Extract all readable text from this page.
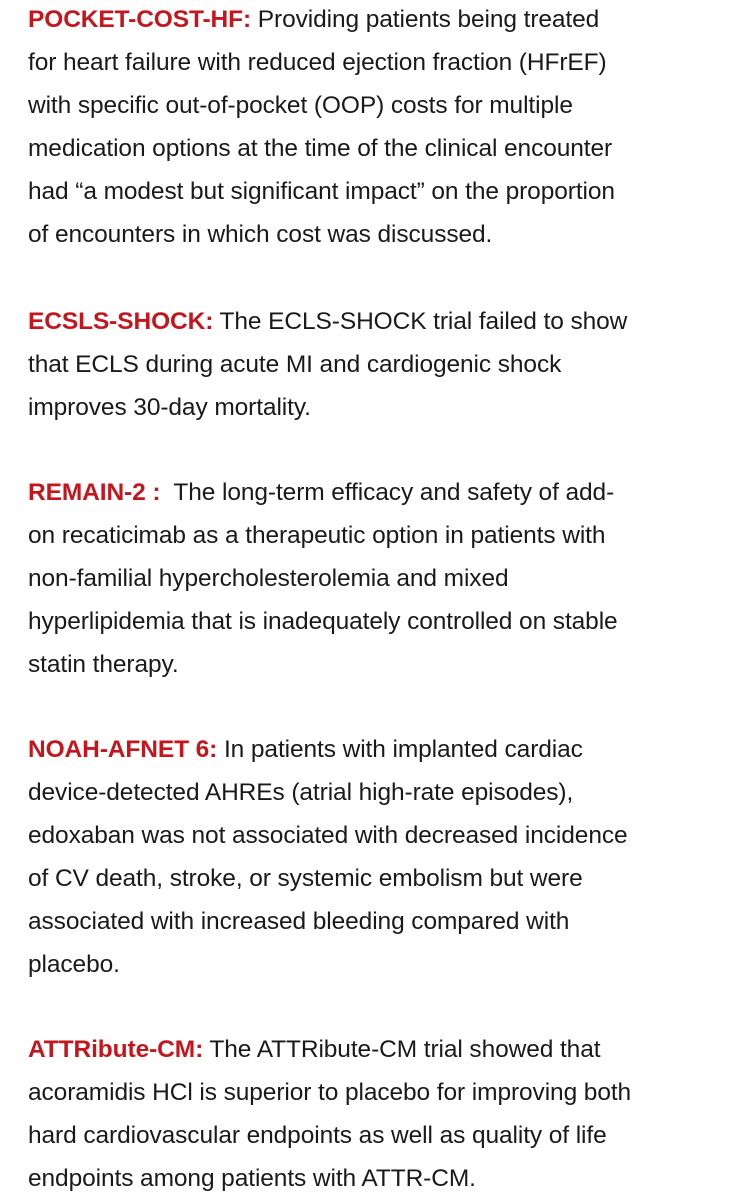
POCKET-COST-HF: Providing patients being treated
for heart failure with reduced ejection fraction (HFrEF)
with specific out-of-pocket (OOP) costs for multiple
medication options at the time of the clinical encounter
had “a modest but significant impact” on the proportion
of encounters in which cost was discussed.

ECSLS-SHOCK: The ECLS-SHOCK trial failed to show
that ECLS during acute MI and cardiogenic shock
improves 30-day mortality.

REMAIN-2 :  The long-term efficacy and safety of add-
on recaticimab as a therapeutic option in patients with
non-familial hypercholesterolemia and mixed
hyperlipidemia that is inadequately controlled on stable
statin therapy.

NOAH-AFNET 6: In patients with implanted cardiac
device-detected AHREs (atrial high-rate episodes),
edoxaban was not associated with decreased incidence
of CV death, stroke, or systemic embolism but were
associated with increased bleeding compared with
placebo.

ATTRibute-CM: The ATTRibute-CM trial showed that
acoramidis HCl is superior to placebo for improving both
hard cardiovascular endpoints as well as quality of life
endpoints among patients with ATTR-CM.
